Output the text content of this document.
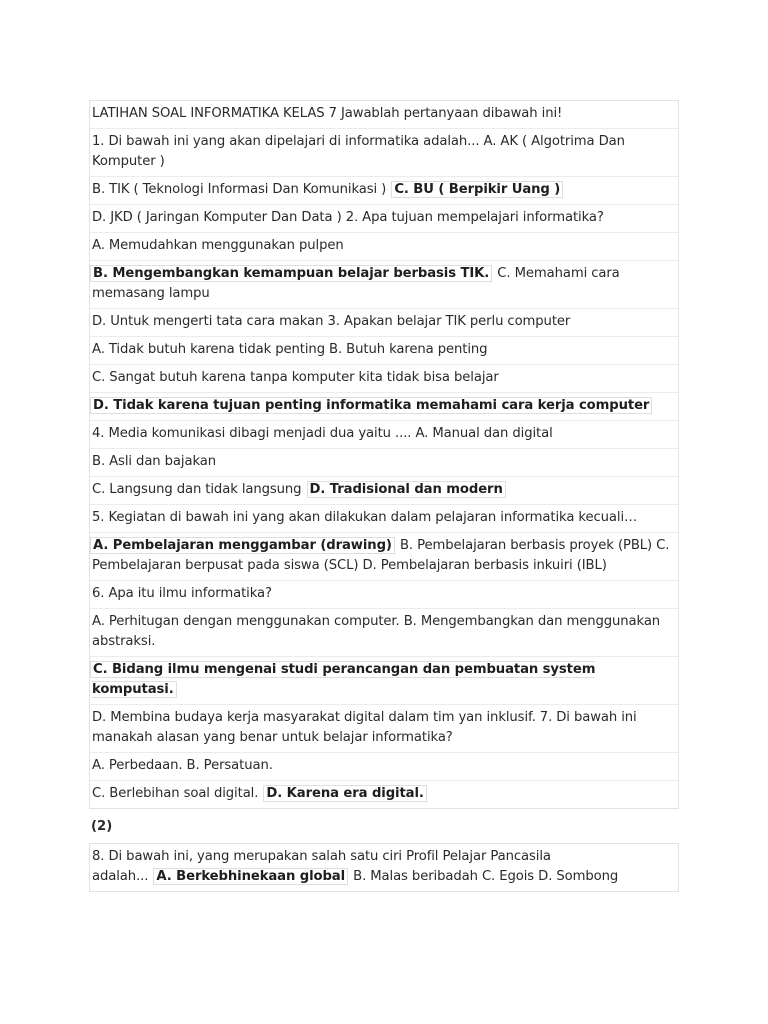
LATIHAN SOAL INFORMATIKA KELAS 7 Jawablah pertanyaan dibawah ini!
1. Di bawah ini yang akan dipelajari di informatika adalah... A. AK ( Algotrima Dan Komputer )
B. TIK ( Teknologi Informasi Dan Komunikasi ) C. BU ( Berpikir Uang )
D. JKD ( Jaringan Komputer Dan Data ) 2. Apa tujuan mempelajari informatika?
A. Memudahkan menggunakan pulpen
B. Mengembangkan kemampuan belajar berbasis TIK. C. Memahami cara memasang lampu
D. Untuk mengerti tata cara makan 3. Apakan belajar TIK perlu computer
A. Tidak butuh karena tidak penting B. Butuh karena penting
C. Sangat butuh karena tanpa komputer kita tidak bisa belajar
D. Tidak karena tujuan penting informatika memahami cara kerja computer
4. Media komunikasi dibagi menjadi dua yaitu .... A. Manual dan digital
B. Asli dan bajakan
C. Langsung dan tidak langsung D. Tradisional dan modern
5. Kegiatan di bawah ini yang akan dilakukan dalam pelajaran informatika kecuali…
A. Pembelajaran menggambar (drawing) B. Pembelajaran berbasis proyek (PBL) C. Pembelajaran berpusat pada siswa (SCL) D. Pembelajaran berbasis inkuiri (IBL)
6. Apa itu ilmu informatika?
A. Perhitugan dengan menggunakan computer. B. Mengembangkan dan menggunakan abstraksi.
C. Bidang ilmu mengenai studi perancangan dan pembuatan system komputasi.
D. Membina budaya kerja masyarakat digital dalam tim yan inklusif. 7. Di bawah ini manakah alasan yang benar untuk belajar informatika?
A. Perbedaan. B. Persatuan.
C. Berlebihan soal digital. D. Karena era digital.
(2)
8. Di bawah ini, yang merupakan salah satu ciri Profil Pelajar Pancasila
adalah... A. Berkebhinekaan global B. Malas beribadah C. Egois D. Sombong
